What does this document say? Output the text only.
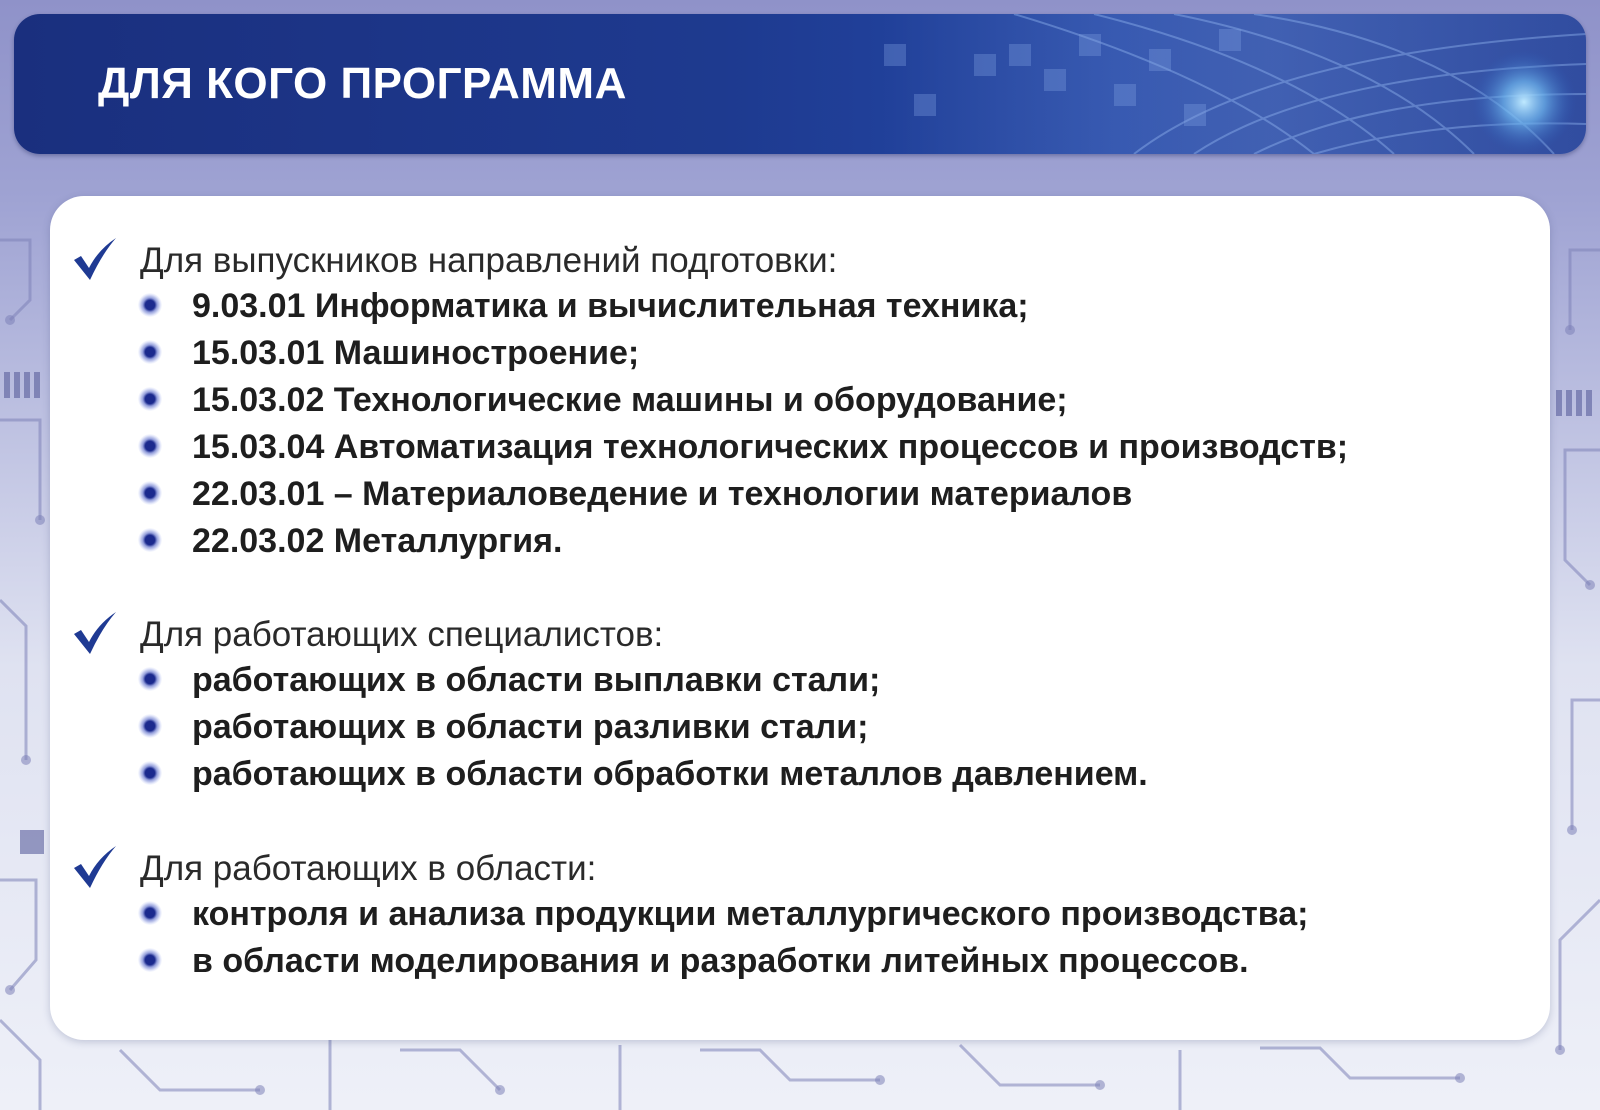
ДЛЯ КОГО ПРОГРАММА
Для выпускников направлений подготовки:
9.03.01 Информатика и вычислительная техника;
15.03.01 Машиностроение;
15.03.02 Технологические машины и оборудование;
15.03.04 Автоматизация технологических процессов и производств;
22.03.01 – Материаловедение и технологии материалов
22.03.02 Металлургия.
Для работающих специалистов:
работающих в области выплавки стали;
работающих в области разливки стали;
работающих в области обработки металлов давлением.
Для работающих в области:
контроля и анализа продукции металлургического производства;
в области моделирования и разработки литейных процессов.
